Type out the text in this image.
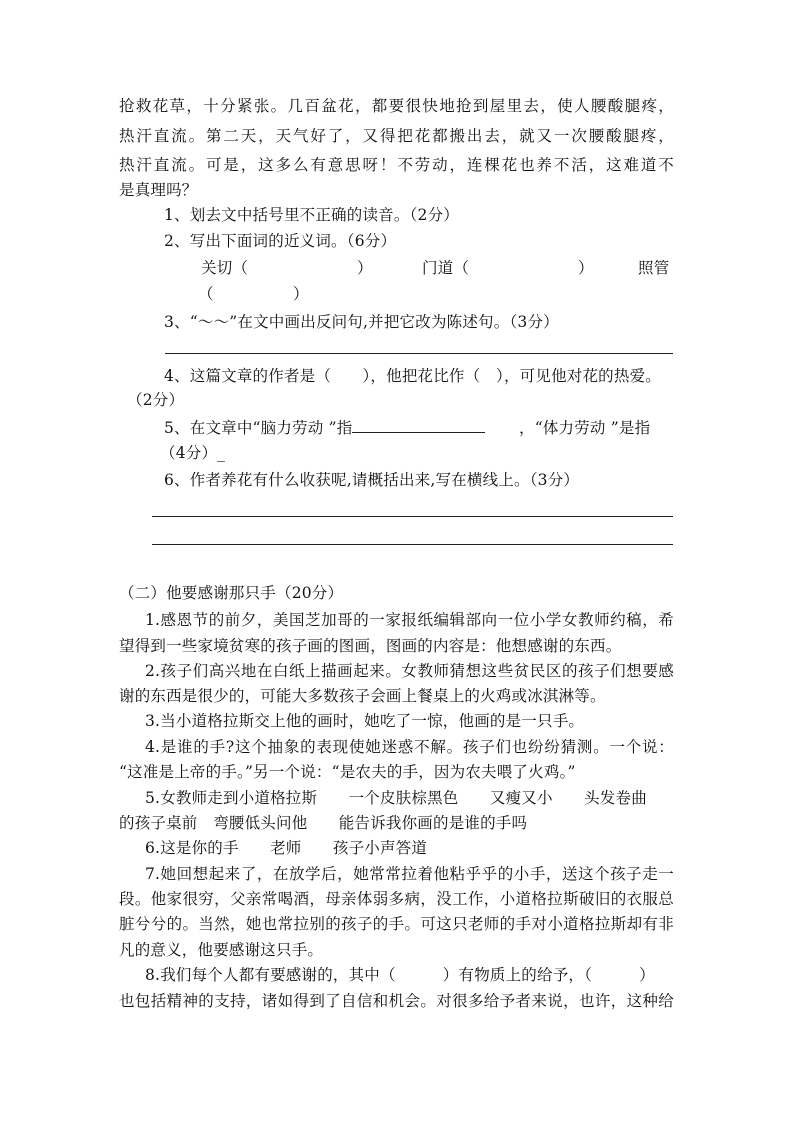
抢救花草，十分紧张。几百盆花，都要很快地抢到屋里去，使人腰酸腿疼，
热汗直流。第二天，天气好了，又得把花都搬出去，就又一次腰酸腿疼，
热汗直流。可是，这多么有意思呀！不劳动，连棵花也养不活，这难道不
是真理吗？
1、划去文中括号里不正确的读音。（2分）
2、写出下面词的近义词。（6分）
关切（	）	门道（	）	照管
（	）
3、“～～”在文中画出反问句,并把它改为陈述句。（3分）
4、这篇文章的作者是（　　），他把花比作（　），可见他对花的热爱。
（2分）
5、在文章中“脑力劳动 ”指	，“体力劳动 ”是指
（4分）_
6、作者养花有什么收获呢,请概括出来,写在横线上。（3分）
（二）他要感谢那只手（20分）
1.感恩节的前夕，美国芝加哥的一家报纸编辑部向一位小学女教师约稿，希
望得到一些家境贫寒的孩子画的图画，图画的内容是：他想感谢的东西。
2.孩子们高兴地在白纸上描画起来。女教师猜想这些贫民区的孩子们想要感
谢的东西是很少的，可能大多数孩子会画上餐桌上的火鸡或冰淇淋等。
3.当小道格拉斯交上他的画时，她吃了一惊，他画的是一只手。
4.是谁的手?这个抽象的表现使她迷惑不解。孩子们也纷纷猜测。一个说：
“这准是上帝的手。”另一个说：“是农夫的手，因为农夫喂了火鸡。”
5.女教师走到小道格拉斯　　一个皮肤棕黑色　　又瘦又小　　头发卷曲
的孩子桌前　弯腰低头问他　　能告诉我你画的是谁的手吗
6.这是你的手　　老师　　孩子小声答道
7.她回想起来了，在放学后，她常常拉着他粘乎乎的小手，送这个孩子走一
段。他家很穷，父亲常喝酒，母亲体弱多病，没工作，小道格拉斯破旧的衣服总
脏兮兮的。当然，她也常拉别的孩子的手。可这只老师的手对小道格拉斯却有非
凡的意义，他要感谢这只手。
8.我们每个人都有要感谢的，其中（　　　）有物质上的给予，（　　　）
也包括精神的支持，诸如得到了自信和机会。对很多给予者来说，也许，这种给
